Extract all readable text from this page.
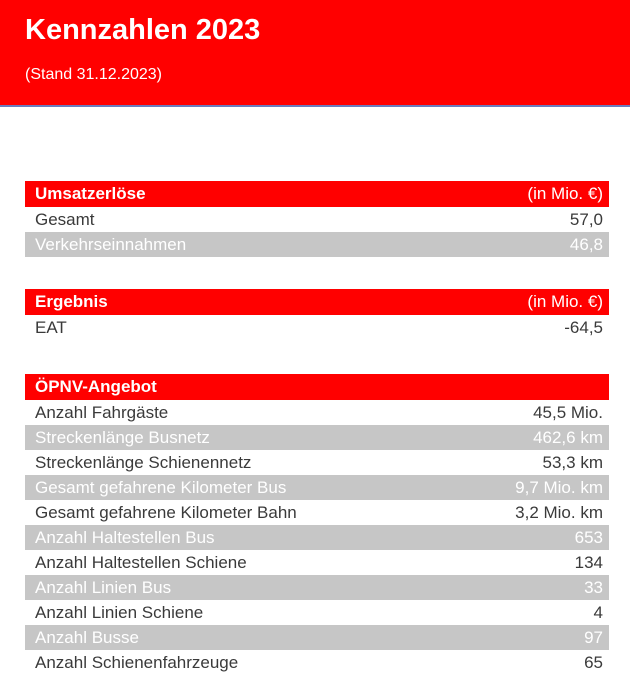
Kennzahlen 2023
(Stand 31.12.2023)
Umsatzerlöse	(in Mio. €)
Gesamt	57,0
Verkehrseinnahmen	46,8
Ergebnis	(in Mio. €)
EAT	-64,5
ÖPNV-Angebot
Anzahl Fahrgäste	45,5 Mio.
Streckenlänge Busnetz	462,6 km
Streckenlänge Schienennetz	53,3 km
Gesamt gefahrene Kilometer Bus	9,7 Mio. km
Gesamt gefahrene Kilometer Bahn	3,2 Mio. km
Anzahl Haltestellen Bus	653
Anzahl Haltestellen Schiene	134
Anzahl Linien Bus	33
Anzahl Linien Schiene	4
Anzahl Busse	97
Anzahl Schienenfahrzeuge	65
